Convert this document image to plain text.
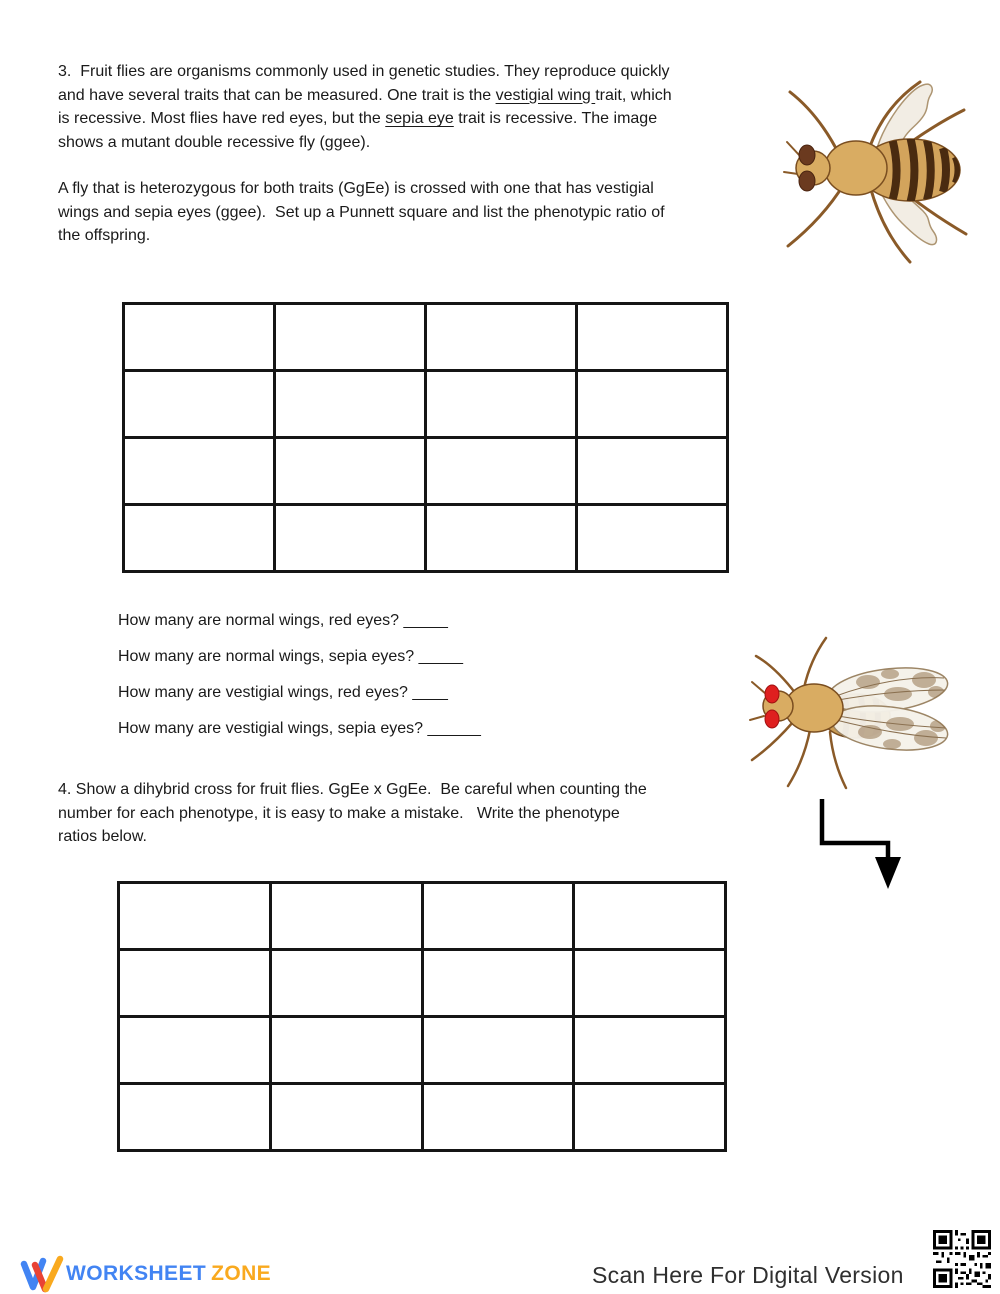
3.  Fruit flies are organisms commonly used in genetic studies. They reproduce quickly
and have several traits that can be measured. One trait is the vestigial wing trait, which
is recessive. Most flies have red eyes, but the sepia eye trait is recessive. The image
shows a mutant double recessive fly (ggee).
A fly that is heterozygous for both traits (GgEe) is crossed with one that has vestigial
wings and sepia eyes (ggee).  Set up a Punnett square and list the phenotypic ratio of
the offspring.

How many are normal wings, red eyes? _____
How many are normal wings, sepia eyes? _____
How many are vestigial wings, red eyes? ____
How many are vestigial wings, sepia eyes? ______
4. Show a dihybrid cross for fruit flies. GgEe x GgEe.  Be careful when counting the
number for each phenotype, it is easy to make a mistake.   Write the phenotype
ratios below.

WORKSHEET ZONE	Scan Here For Digital Version
